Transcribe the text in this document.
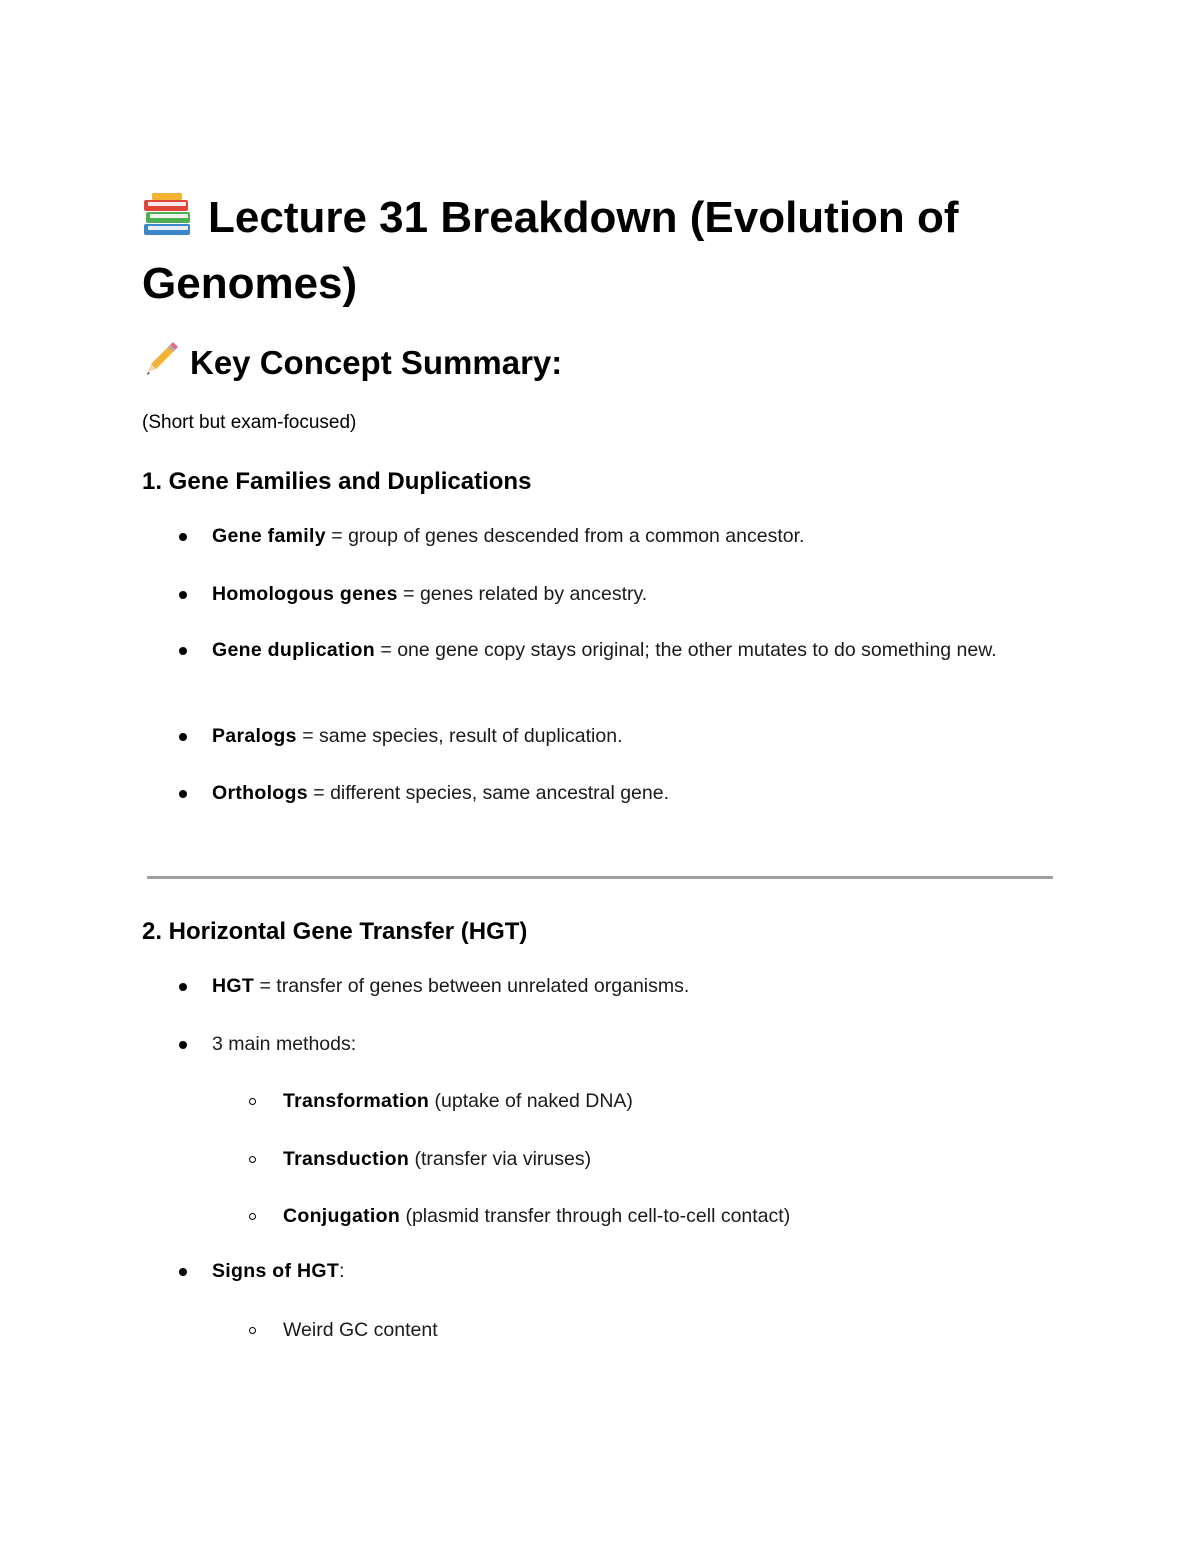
Lecture 31 Breakdown (Evolution of Genomes)
Key Concept Summary:

(Short but exam-focused)

1. Gene Families and Duplications
Gene family = group of genes descended from a common ancestor.
Homologous genes = genes related by ancestry.
Gene duplication = one gene copy stays original; the other mutates to do something new.
Paralogs = same species, result of duplication.
Orthologs = different species, same ancestral gene.
2. Horizontal Gene Transfer (HGT)
HGT = transfer of genes between unrelated organisms.
3 main methods:
Transformation (uptake of naked DNA)
Transduction (transfer via viruses)
Conjugation (plasmid transfer through cell-to-cell contact)
Signs of HGT:
Weird GC content
